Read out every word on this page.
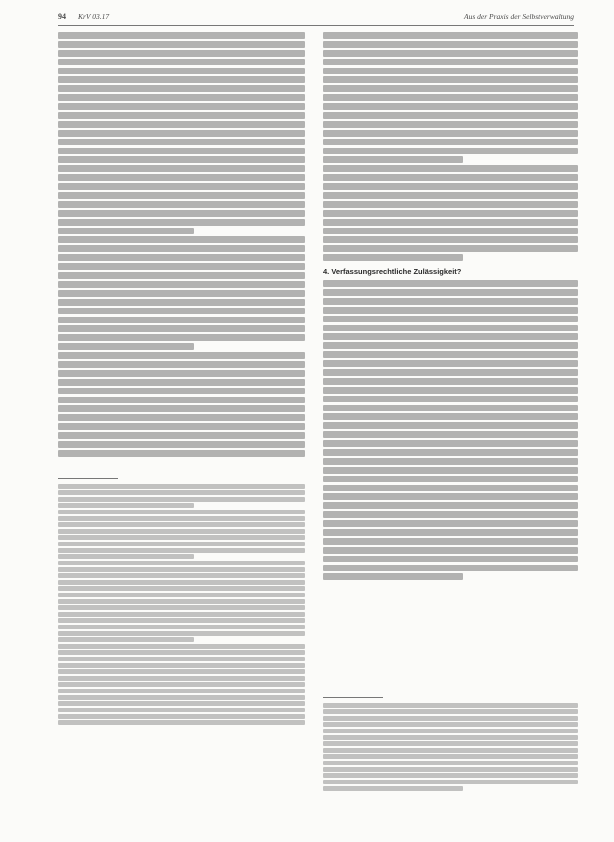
94 KrV 03.17	Aus der Praxis der Selbstverwaltung
4. Verfassungsrechtliche Zulässigkeit?
